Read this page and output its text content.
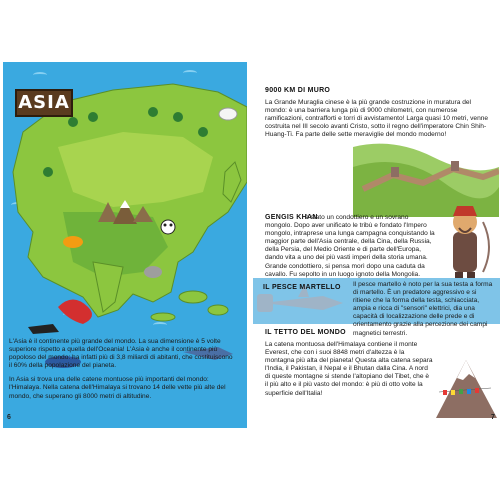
ASIA

L'Asia è il continente più grande del mondo. La sua dimensione è 5 volte superiore rispetto a quella dell'Oceania! L'Asia è anche il continente più popoloso del mondo: ha infatti più di 3,8 miliardi di abitanti, che costituiscono il 60% della popolazione del pianeta.

In Asia si trova una delle catene montuose più importanti del mondo: l'Himalaya. Nella catena dell'Himalaya si trovano 14 delle vette più alte del mondo, che superano gli 8000 metri di altitudine.

6
9000 KM DI MURO
La Grande Muraglia cinese è la più grande costruzione in muratura del mondo: è una barriera lunga più di 9000 chilometri, con numerose ramificazioni, contrafforti e torri di avvistamento! Larga quasi 10 metri, venne costruita nel III secolo avanti Cristo, sotto il regno dell'imperatore Chin Shih-Huang-Ti. Fa parte delle sette meraviglie del mondo moderno!
GENGIS KHAN
è stato un condottiero e un sovrano mongolo. Dopo aver unificato le tribù e fondato l'Impero mongolo, intraprese una lunga campagna conquistando la maggior parte dell'Asia centrale, della Cina, della Russia, della Persia, del Medio Oriente e di parte dell'Europa, dando vita a uno dei più vasti imperi della storia umana. Grande condottiero, si pensa morì dopo una caduta da cavallo. Fu sepolto in un luogo ignoto della Mongolia.
IL PESCE MARTELLO Il pesce martello è noto per la sua testa a forma di martello. È un predatore aggressivo e si ritiene che la forma della testa, schiacciata, ampia e ricca di "sensori" elettrici, dia una capacità di localizzazione delle prede e di orientamento grazie alla percezione dei campi magnetici terrestri.
IL TETTO DEL MONDO
La catena montuosa dell'Himalaya contiene il monte Everest, che con i suoi 8848 metri d'altezza è la montagna più alta del pianeta! Questa alta catena separa l'India, il Pakistan, il Nepal e il Bhutan dalla Cina. A nord di queste montagne si stende l'altopiano del Tibet, che è il più alto e il più vasto del mondo: è più di otto volte la superficie dell'Italia!
7
